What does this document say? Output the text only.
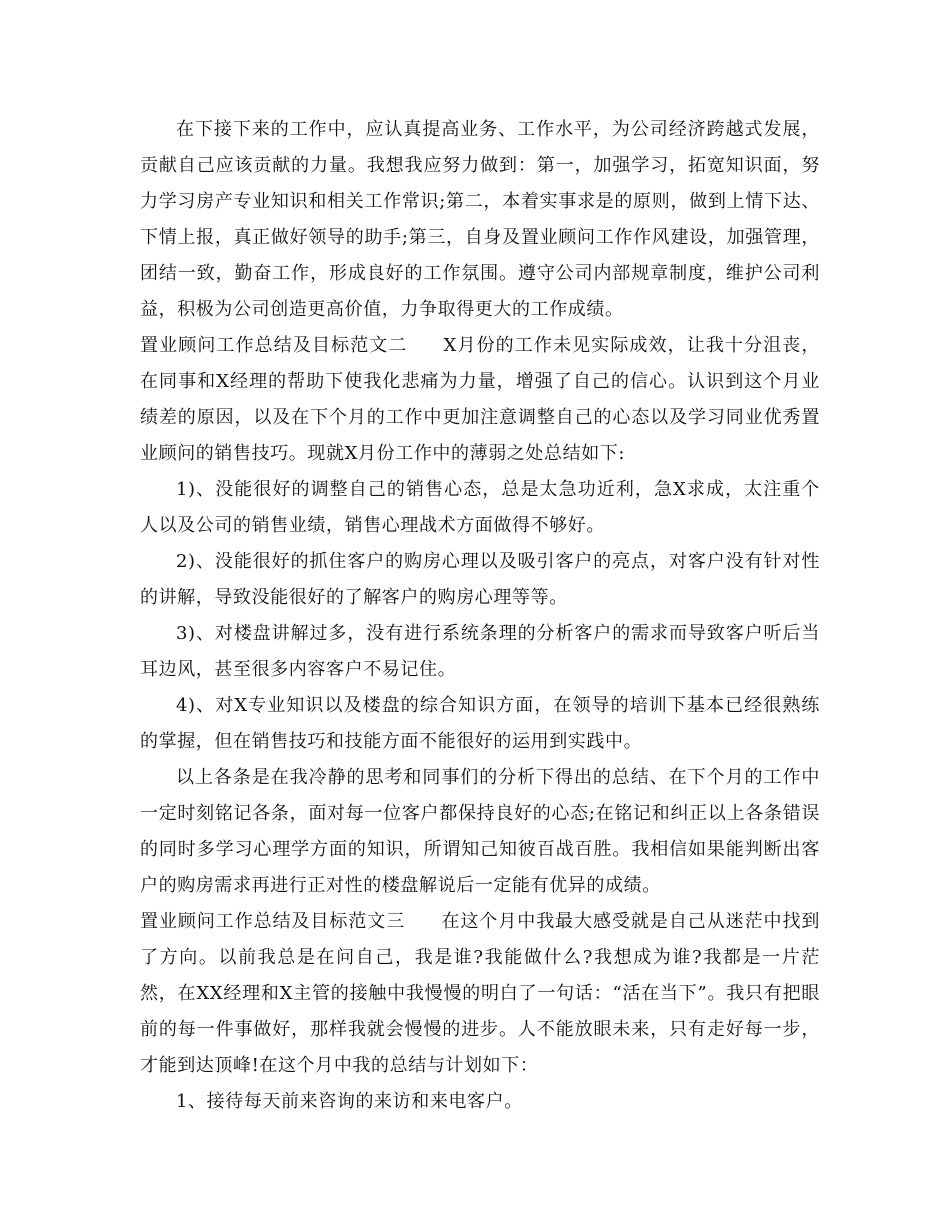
在下接下来的工作中，应认真提高业务、工作水平，为公司经济跨越式发展，贡献自己应该贡献的力量。我想我应努力做到：第一，加强学习，拓宽知识面，努力学习房产专业知识和相关工作常识;第二，本着实事求是的原则，做到上情下达、下情上报，真正做好领导的助手;第三，自身及置业顾问工作作风建设，加强管理，团结一致，勤奋工作，形成良好的工作氛围。遵守公司内部规章制度，维护公司利益，积极为公司创造更高价值，力争取得更大的工作成绩。

置业顾问工作总结及目标范文二 X月份的工作未见实际成效，让我十分沮丧，在同事和X经理的帮助下使我化悲痛为力量，增强了自己的信心。认识到这个月业绩差的原因，以及在下个月的工作中更加注意调整自己的心态以及学习同业优秀置业顾问的销售技巧。现就X月份工作中的薄弱之处总结如下:

1)、没能很好的调整自己的销售心态，总是太急功近利，急X求成，太注重个人以及公司的销售业绩，销售心理战术方面做得不够好。

2)、没能很好的抓住客户的购房心理以及吸引客户的亮点，对客户没有针对性的讲解，导致没能很好的了解客户的购房心理等等。

3)、对楼盘讲解过多，没有进行系统条理的分析客户的需求而导致客户听后当耳边风，甚至很多内容客户不易记住。

4)、对X专业知识以及楼盘的综合知识方面，在领导的培训下基本已经很熟练的掌握，但在销售技巧和技能方面不能很好的运用到实践中。

以上各条是在我冷静的思考和同事们的分析下得出的总结、在下个月的工作中一定时刻铭记各条，面对每一位客户都保持良好的心态;在铭记和纠正以上各条错误的同时多学习心理学方面的知识，所谓知己知彼百战百胜。我相信如果能判断出客户的购房需求再进行正对性的楼盘解说后一定能有优异的成绩。

置业顾问工作总结及目标范文三 在这个月中我最大感受就是自己从迷茫中找到了方向。以前我总是在问自己，我是谁?我能做什么?我想成为谁?我都是一片茫然，在XX经理和X主管的接触中我慢慢的明白了一句话：“活在当下”。我只有把眼前的每一件事做好，那样我就会慢慢的进步。人不能放眼未来，只有走好每一步，才能到达顶峰!在这个月中我的总结与计划如下：

1、接待每天前来咨询的来访和来电客户。
